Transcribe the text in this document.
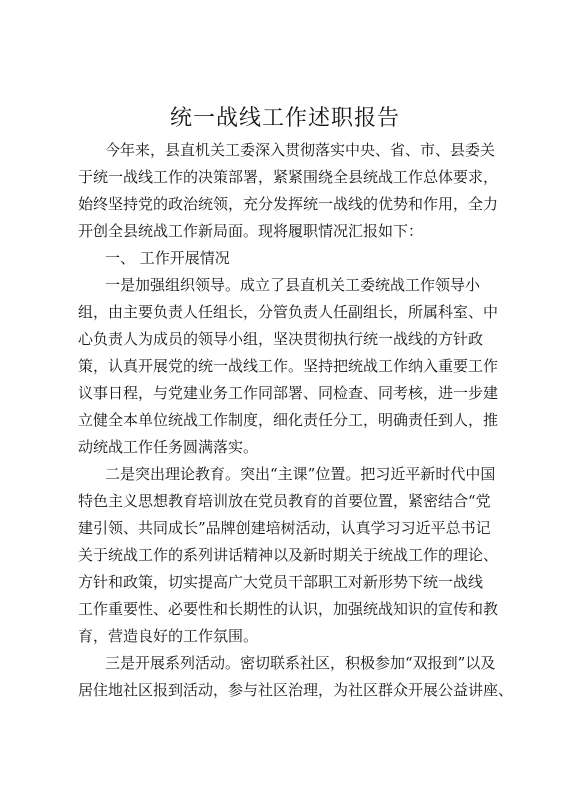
统一战线工作述职报告
今年来，县直机关工委深入贯彻落实中央、省、市、县委关
于统一战线工作的决策部署，紧紧围绕全县统战工作总体要求，
始终坚持党的政治统领，充分发挥统一战线的优势和作用，全力
开创全县统战工作新局面。现将履职情况汇报如下：
一、 工作开展情况
一是加强组织领导。成立了县直机关工委统战工作领导小
组，由主要负责人任组长，分管负责人任副组长，所属科室、中
心负责人为成员的领导小组，坚决贯彻执行统一战线的方针政
策，认真开展党的统一战线工作。坚持把统战工作纳入重要工作
议事日程，与党建业务工作同部署、同检查、同考核，进一步建
立健全本单位统战工作制度，细化责任分工，明确责任到人，推
动统战工作任务圆满落实。
二是突出理论教育。突出“主课”位置。把习近平新时代中国
特色主义思想教育培训放在党员教育的首要位置，紧密结合“党
建引领、共同成长”品牌创建培树活动，认真学习习近平总书记
关于统战工作的系列讲话精神以及新时期关于统战工作的理论、
方针和政策，切实提高广大党员干部职工对新形势下统一战线
工作重要性、必要性和长期性的认识，加强统战知识的宣传和教
育，营造良好的工作氛围。
三是开展系列活动。密切联系社区，积极参加“双报到”以及
居住地社区报到活动，参与社区治理，为社区群众开展公益讲座、
